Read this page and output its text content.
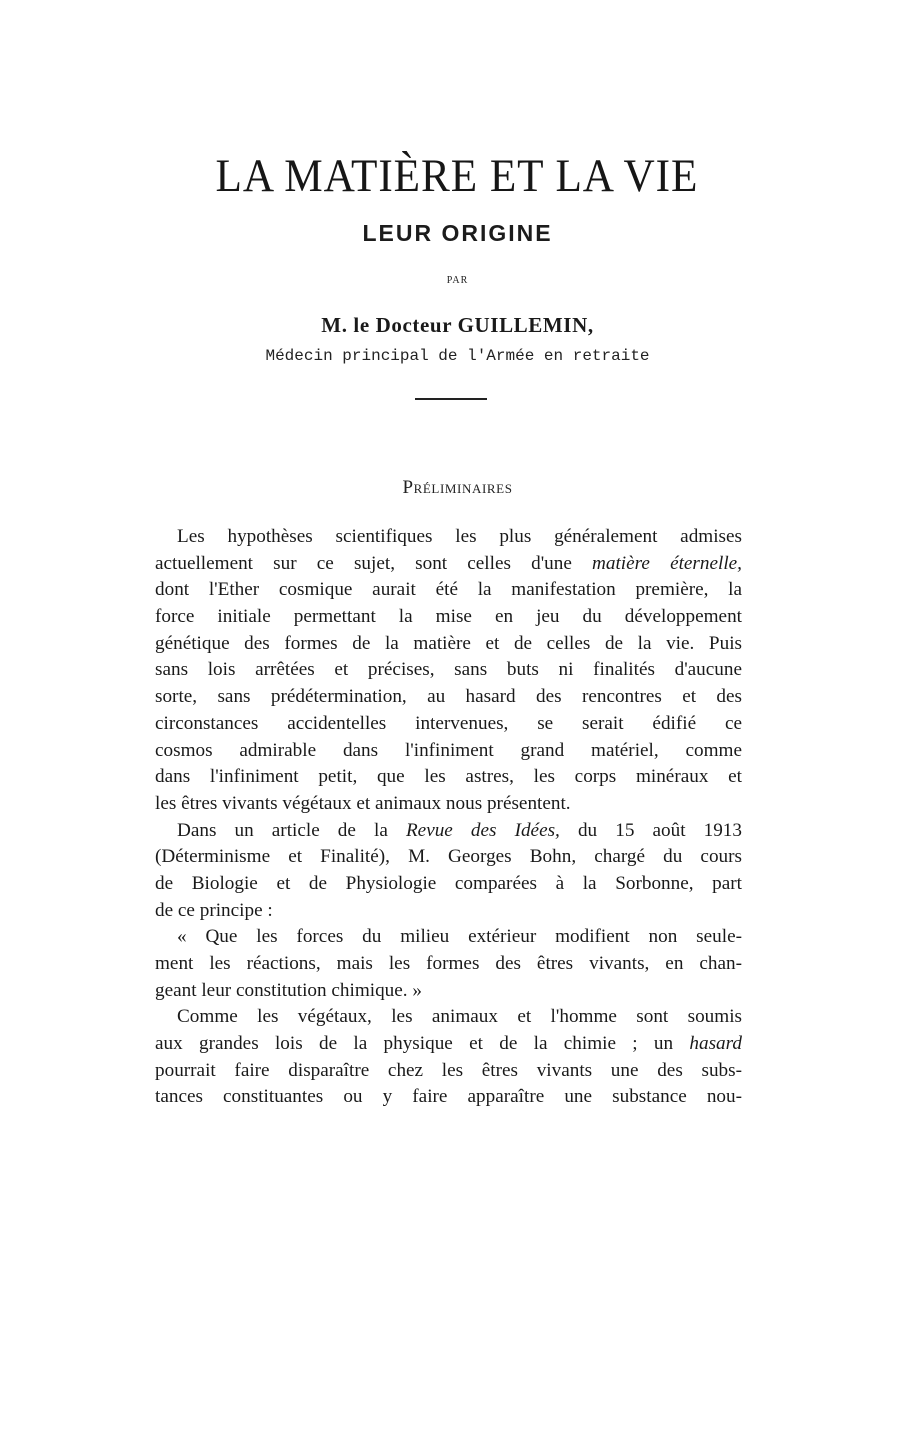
LA MATIÈRE ET LA VIE
LEUR ORIGINE
PAR
M. le Docteur GUILLEMIN,
Médecin principal de l'Armée en retraite
Préliminaires
Les hypothèses scientifiques les plus généralement admises
actuellement sur ce sujet, sont celles d'une matière éternelle,
dont l'Ether cosmique aurait été la manifestation première, la
force initiale permettant la mise en jeu du développement
génétique des formes de la matière et de celles de la vie. Puis
sans lois arrêtées et précises, sans buts ni finalités d'aucune
sorte, sans prédétermination, au hasard des rencontres et des
circonstances accidentelles intervenues, se serait édifié ce
cosmos admirable dans l'infiniment grand matériel, comme
dans l'infiniment petit, que les astres, les corps minéraux et
les êtres vivants végétaux et animaux nous présentent.
Dans un article de la Revue des Idées, du 15 août 1913
(Déterminisme et Finalité), M. Georges Bohn, chargé du cours
de Biologie et de Physiologie comparées à la Sorbonne, part
de ce principe :
« Que les forces du milieu extérieur modifient non seule-
ment les réactions, mais les formes des êtres vivants, en chan-
geant leur constitution chimique. »
Comme les végétaux, les animaux et l'homme sont soumis
aux grandes lois de la physique et de la chimie ; un hasard
pourrait faire disparaître chez les êtres vivants une des subs-
tances constituantes ou y faire apparaître une substance nou-
